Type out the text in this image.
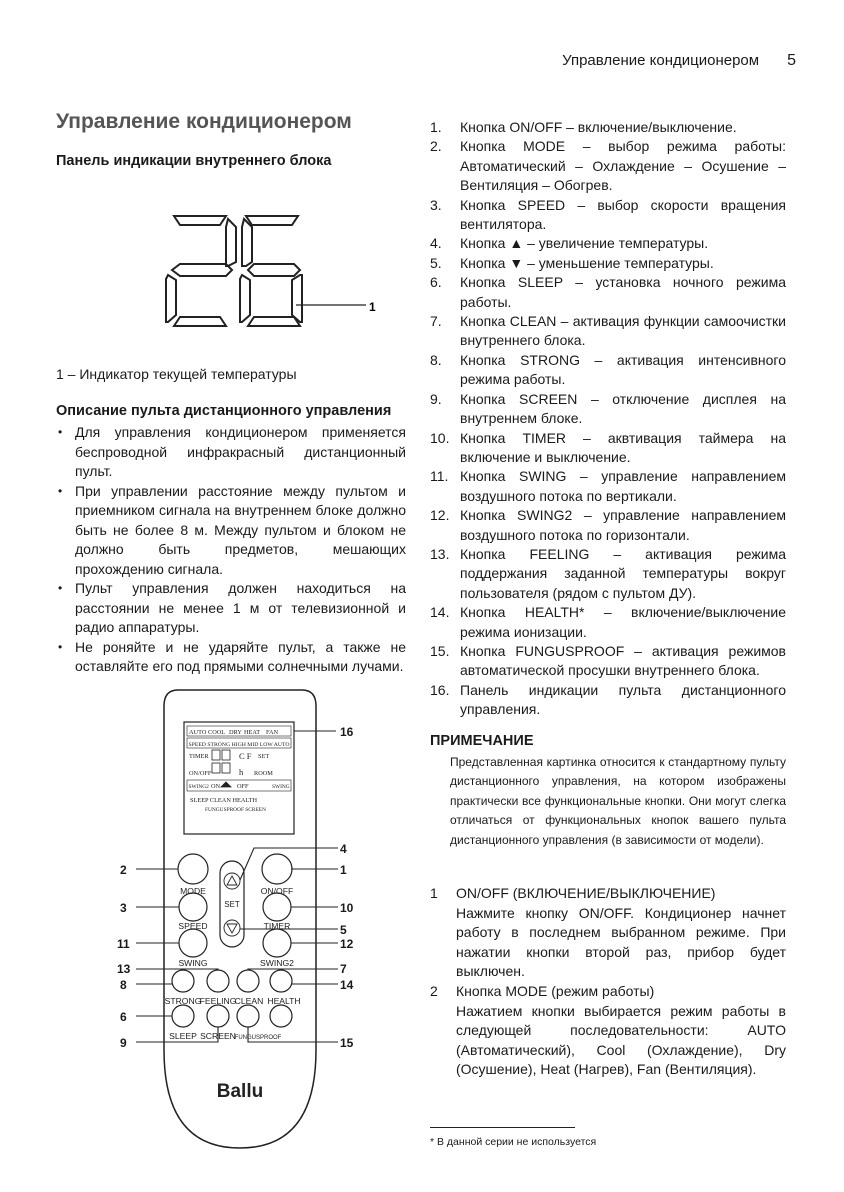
Управление кондиционером 5
Управление кондиционером
Панель индикации внутреннего блока
1 – Индикатор текущей температуры
Описание пульта дистанционного управления
• Для управления кондиционером применяется беспроводной инфракрасный дистанционный пульт.
• При управлении расстояние между пультом и приемником сигнала на внутреннем блоке должно быть не более 8 м. Между пультом и блоком не должно быть предметов, мешающих прохождению сигнала.
• Пульт управления должен находиться на расстоянии не менее 1 м от телевизионной и радио аппаратуры.
• Не роняйте и не ударяйте пульт, а также не оставляйте его под прямыми солнечными лучами.
1
AUTO COOL DRY HEAT FAN
SPEED STRONG HIGH MID LOW AUTO
TIMER	C F SET
ON/OFF	h ROOM
SWING2 ON	OFF	SWING
SLEEP CLEAN HEALTH
FUNGUSPROOF SCREEN
MODE	ON/OFF
SET
SPEED	TIMER
SWING	SWING2
STRONG
FEELING
CLEAN HEALTH
SLEEP SCREEN
FUNGUSPROOF
Ballu
16
2
4
1
3	10
5
11	12
13	7
8	14
6
9	15
1. Кнопка ON/OFF – включение/выключение.
2. Кнопка MODE – выбор режима работы: Автоматический – Охлаждение – Осушение – Вентиляция – Обогрев.
3. Кнопка SPEED – выбор скорости вращения вентилятора.
4. Кнопка ▲ – увеличение температуры.
5. Кнопка ▼ – уменьшение температуры.
6. Кнопка SLEEP – установка ночного режима работы.
7. Кнопка CLEAN – активация функции самоочистки внутреннего блока.
8. Кнопка STRONG – активация интенсивного режима работы.
9. Кнопка SCREEN – отключение дисплея на внутреннем блоке.
10. Кнопка TIMER – аквтивация таймера на включение и выключение.
11. Кнопка SWING – управление направлением воздушного потока по вертикали.
12. Кнопка SWING2 – управление направлением воздушного потока по горизонтали.
13. Кнопка FEELING – активация режима поддержания заданной температуры вокруг пользователя (рядом с пультом ДУ).
14. Кнопка HEALTH* – включение/выключение режима ионизации.
15. Кнопка FUNGUSPROOF – активация режимов автоматической просушки внутреннего блока.
16. Панель индикации пульта дистанционного управления.
ПРИМЕЧАНИЕ
Представленная картинка относится к стандартному пульту дистанционного управления, на котором изображены практически все функциональные кнопки. Они могут слегка отличаться от функциональных кнопок вашего пульта дистанционного управления (в зависимости от модели).
1 ON/OFF (ВКЛЮЧЕНИЕ/ВЫКЛЮЧЕНИЕ)
Нажмите кнопку ON/OFF. Кондиционер начнет работу в последнем выбранном режиме. При нажатии кнопки второй раз, прибор будет выключен.
2 Кнопка MODE (режим работы)
Нажатием кнопки выбирается режим работы в следующей последовательности: AUTO (Автоматический), Cool (Охлаждение), Dry (Осушение), Heat (Нагрев), Fan (Вентиляция).
* В данной серии не используется
